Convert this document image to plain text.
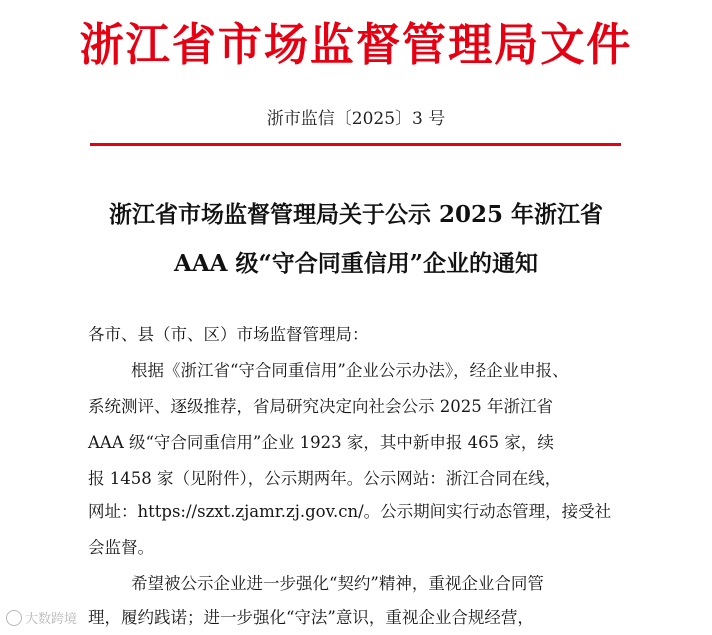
浙江省市场监督管理局文件
浙市监信〔2025〕3 号
浙江省市场监督管理局关于公示 2025 年浙江省
AAA 级“守合同重信用”企业的通知
各市、县（市、区）市场监督管理局：
根据《浙江省“守合同重信用”企业公示办法》，经企业申报、
系统测评、逐级推荐，省局研究决定向社会公示 2025 年浙江省
AAA 级“守合同重信用”企业 1923 家，其中新申报 465 家，续
报 1458 家（见附件），公示期两年。公示网站：浙江合同在线，
网址：https://szxt.zjamr.zj.gov.cn/。公示期间实行动态管理，接受社
会监督。
希望被公示企业进一步强化“契约”精神，重视企业合同管
理，履约践诺；进一步强化“守法”意识，重视企业合规经营，
大数跨境
